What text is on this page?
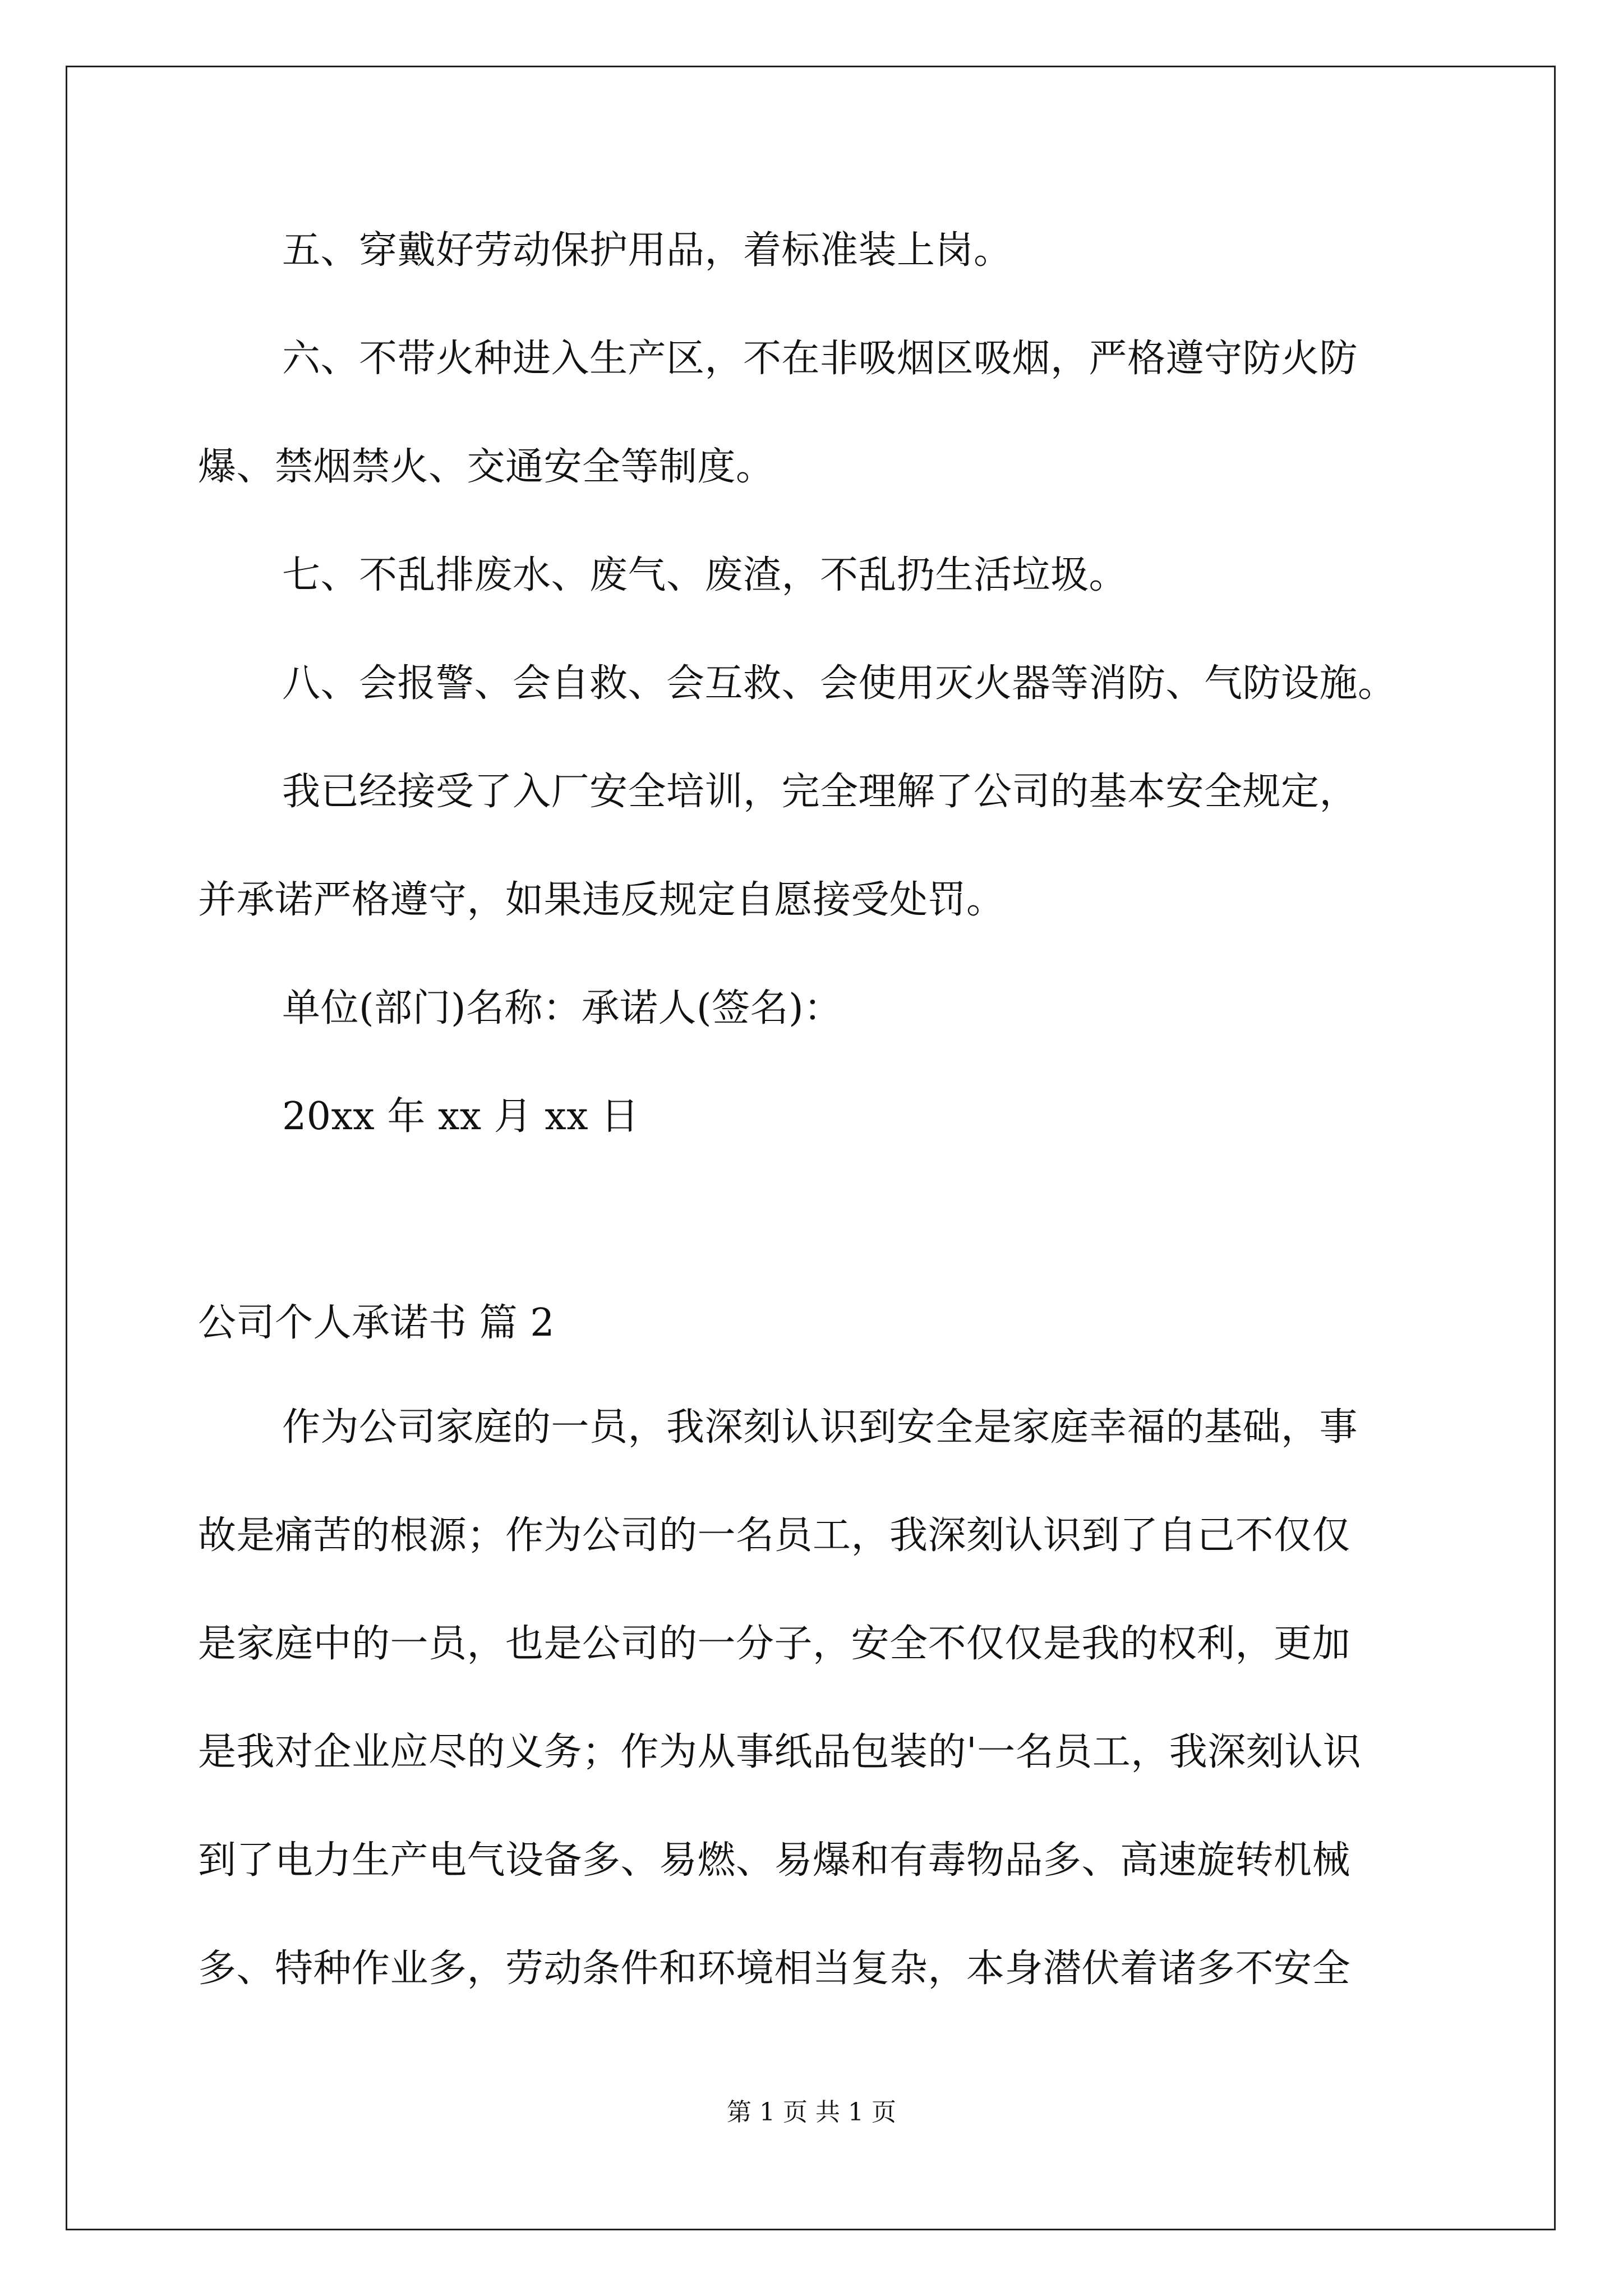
五、穿戴好劳动保护用品，着标准装上岗。
六、不带火种进入生产区，不在非吸烟区吸烟，严格遵守防火防
爆、禁烟禁火、交通安全等制度。
七、不乱排废水、废气、废渣，不乱扔生活垃圾。
八、会报警、会自救、会互救、会使用灭火器等消防、气防设施。
我已经接受了入厂安全培训，完全理解了公司的基本安全规定，
并承诺严格遵守，如果违反规定自愿接受处罚。
单位(部门)名称：承诺人(签名)：
20xx 年 xx 月 xx 日
公司个人承诺书 篇 2
作为公司家庭的一员，我深刻认识到安全是家庭幸福的基础，事
故是痛苦的根源；作为公司的一名员工，我深刻认识到了自己不仅仅
是家庭中的一员，也是公司的一分子，安全不仅仅是我的权利，更加
是我对企业应尽的义务；作为从事纸品包装的'一名员工，我深刻认识
到了电力生产电气设备多、易燃、易爆和有毒物品多、高速旋转机械
多、特种作业多，劳动条件和环境相当复杂，本身潜伏着诸多不安全
第 1 页 共 1 页
